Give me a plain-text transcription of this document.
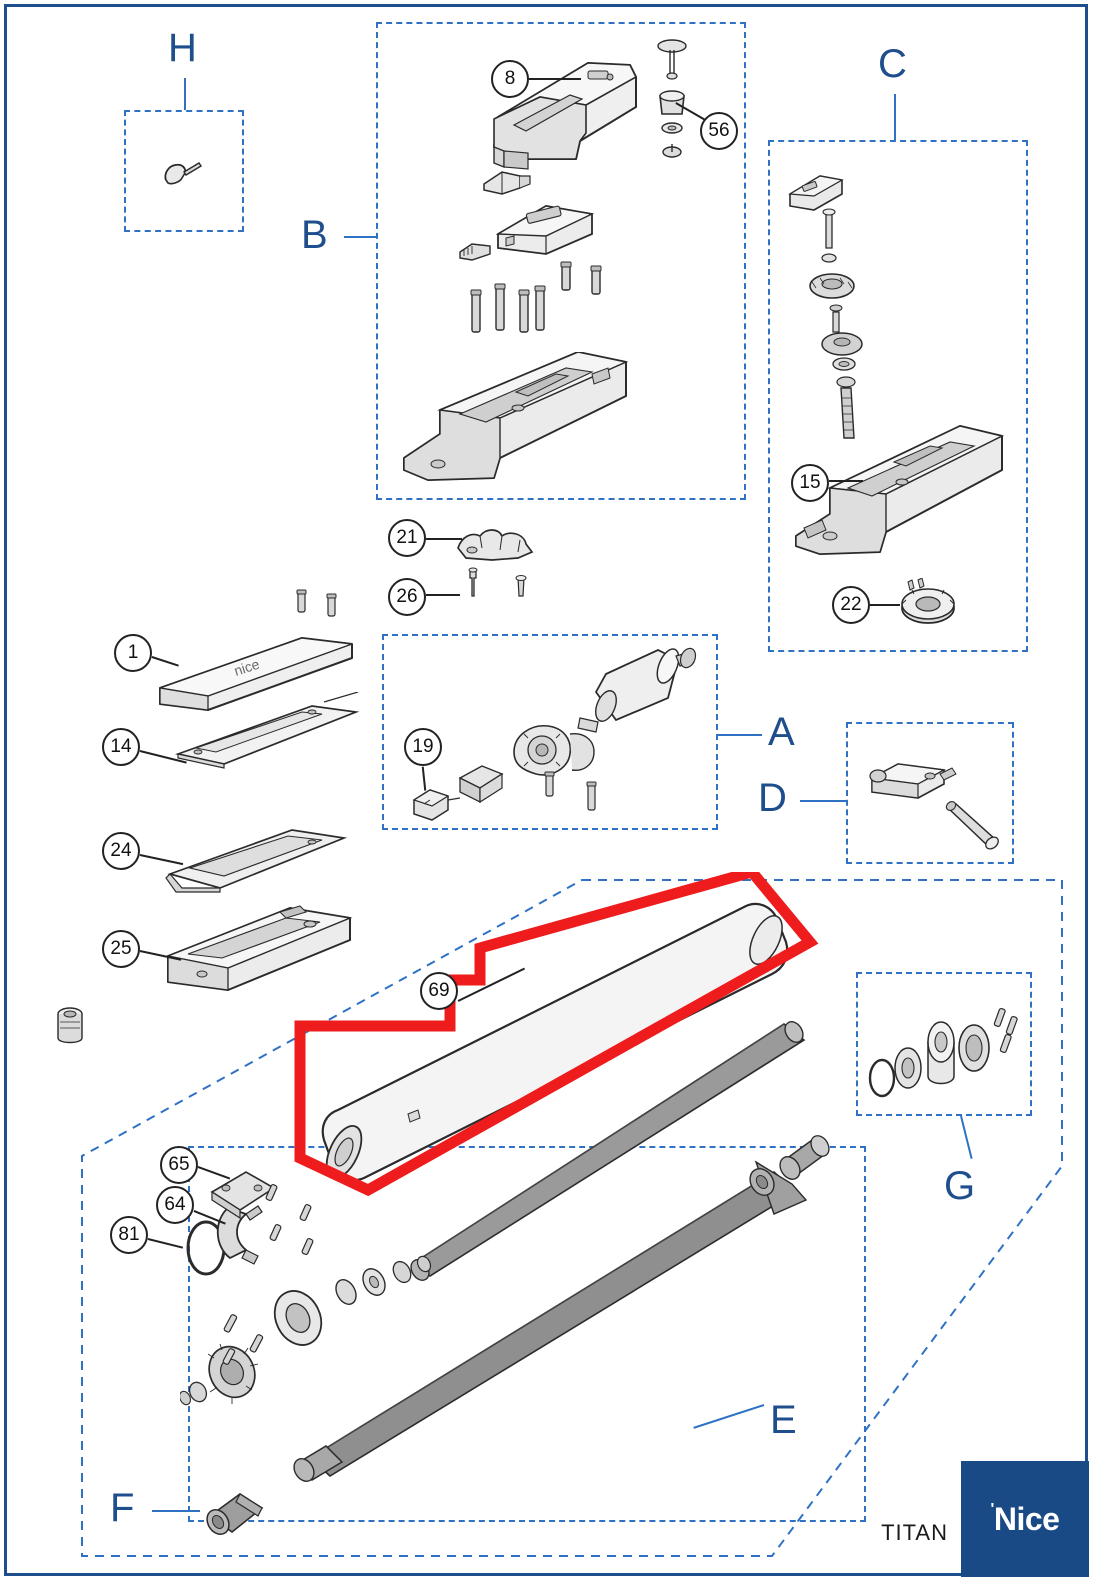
H
B
8
56
C
15
22
21
26
nice
1
14
24
25
A
19
D
G
E
F
69
65
64
81
TITAN
'Nice
